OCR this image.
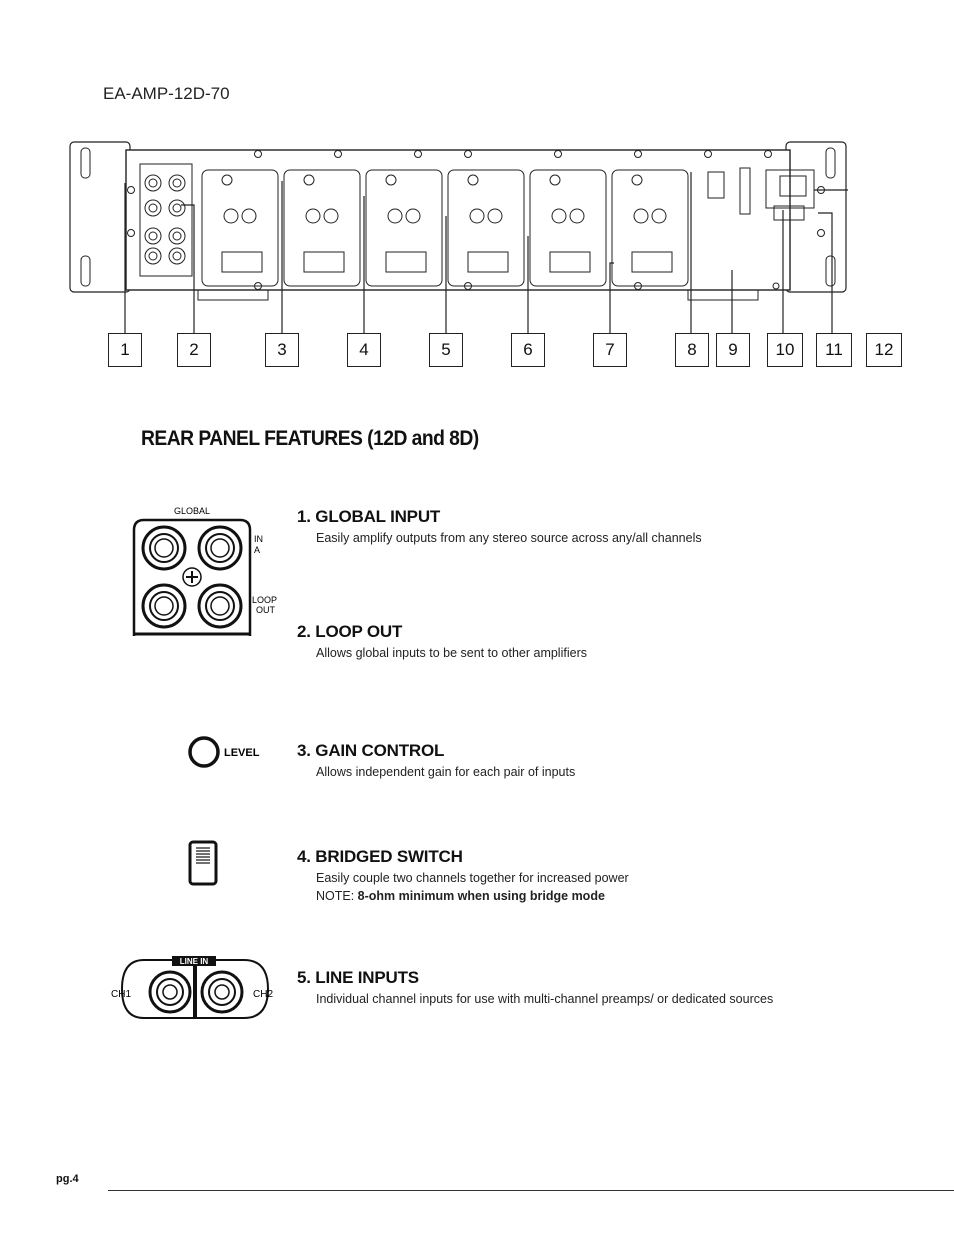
EA-AMP-12D-70
1	2	3	4	5	6	7	8	9	10	11	12
REAR PANEL FEATURES (12D and 8D)
GLOBAL
IN
A
LOOP
OUT
1. GLOBAL INPUT
Easily amplify outputs from any stereo source across any/all channels
2. LOOP OUT
Allows global inputs to be sent to other amplifiers
LEVEL 3. GAIN CONTROL
Allows independent gain for each pair of inputs
4. BRIDGED SWITCH
Easily couple two channels together for increased power
NOTE: 8-ohm minimum when using bridge mode
LINE IN
CH1	CH2
5. LINE INPUTS
Individual channel inputs for use with multi-channel preamps/ or dedicated sources
pg.4
